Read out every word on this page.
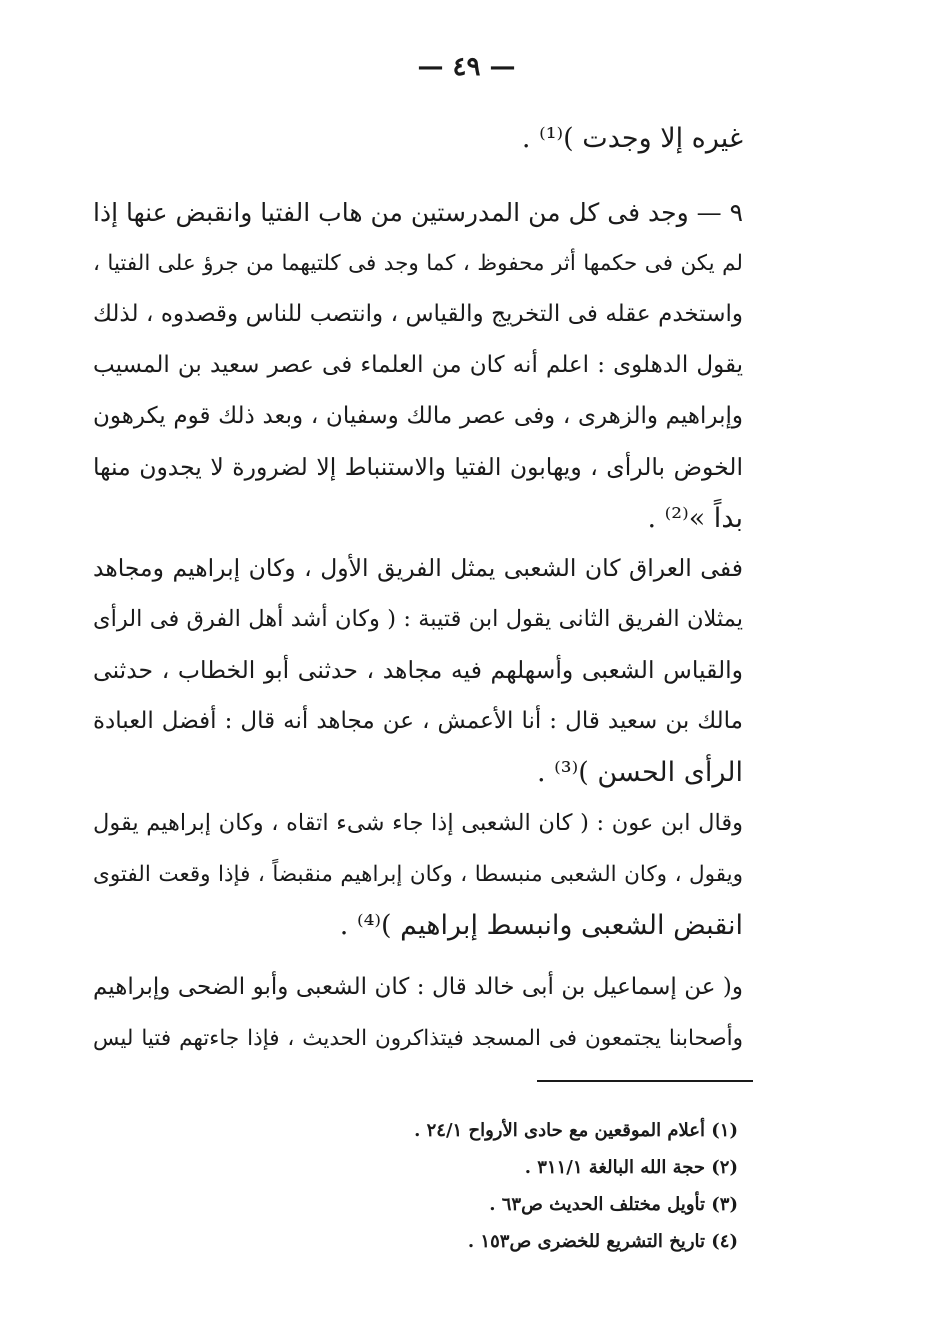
— ٤٩ —
غيره إلا وجدت )⁽¹⁾ .
٩ — وجد فى كل من المدرستين من هاب الفتيا وانقبض عنها إذا
لم يكن فى حكمها أثر محفوظ ، كما وجد فى كلتيهما من جرؤ على الفتيا ،
واستخدم عقله فى التخريج والقياس ، وانتصب للناس وقصدوه ، لذلك
يقول الدهلوى : اعلم أنه كان من العلماء فى عصر سعيد بن المسيب
وإبراهيم والزهرى ، وفى عصر مالك وسفيان ، وبعد ذلك قوم يكرهون
الخوض بالرأى ، ويهابون الفتيا والاستنباط إلا لضرورة لا يجدون منها
بداً »⁽²⁾ .
ففى العراق كان الشعبى يمثل الفريق الأول ، وكان إبراهيم ومجاهد
يمثلان الفريق الثانى يقول ابن قتيبة : ( وكان أشد أهل الفرق فى الرأى
والقياس الشعبى وأسهلهم فيه مجاهد ، حدثنى أبو الخطاب ، حدثنى
مالك بن سعيد قال : أنا الأعمش ، عن مجاهد أنه قال : أفضل العبادة
الرأى الحسن )⁽³⁾ .
وقال ابن عون : ( كان الشعبى إذا جاء شىء اتقاه ، وكان إبراهيم يقول
ويقول ، وكان الشعبى منبسطا ، وكان إبراهيم منقبضاً ، فإذا وقعت الفتوى
انقبض الشعبى وانبسط إبراهيم )⁽⁴⁾ .
و( عن إسماعيل بن أبى خالد قال : كان الشعبى وأبو الضحى وإبراهيم
وأصحابنا يجتمعون فى المسجد فيتذاكرون الحديث ، فإذا جاءتهم فتيا ليس
(١) أعلام الموقعين مع حادى الأرواح ٢٤/١ .
(٢) حجة الله البالغة ٣١١/١ .
(٣) تأويل مختلف الحديث ص٦٣ .
(٤) تاريخ التشريع للخضرى ص١٥٣ .
